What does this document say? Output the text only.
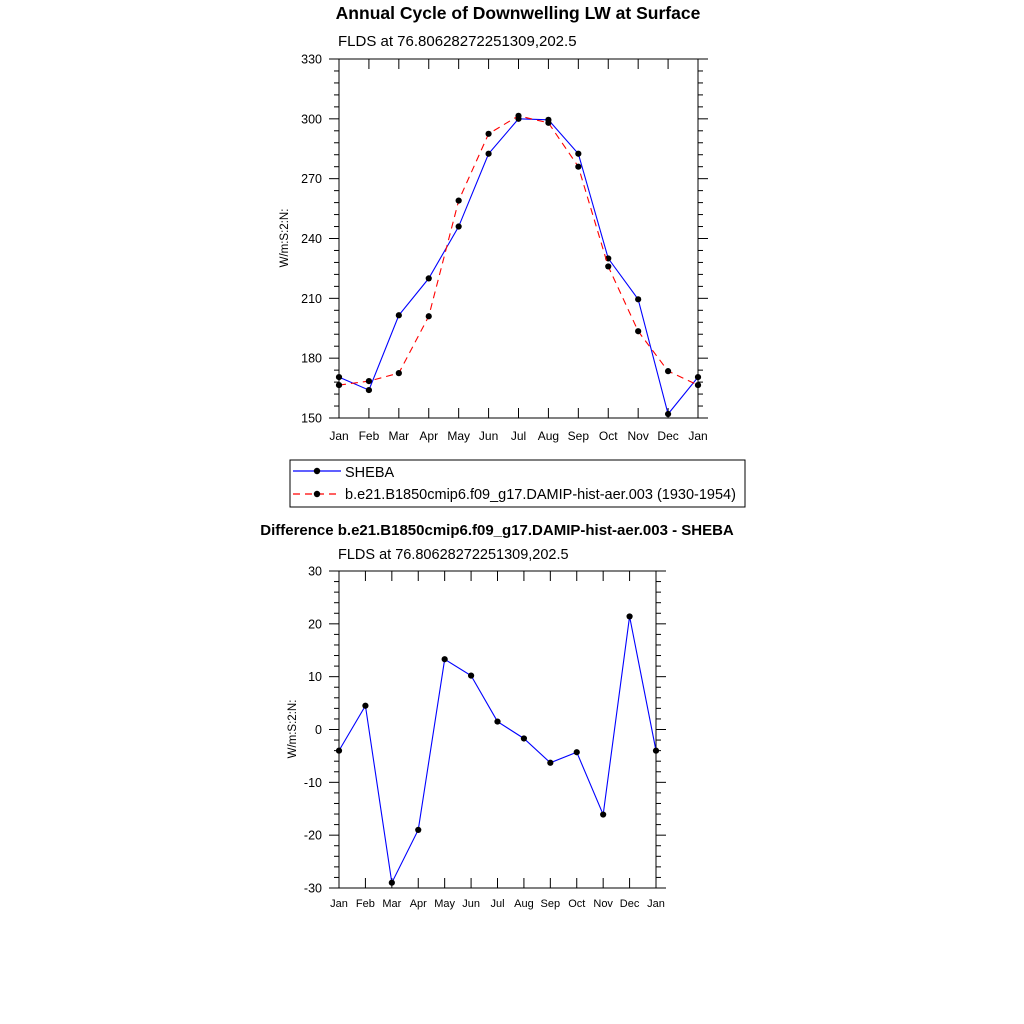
Annual Cycle of Downwelling LW at Surface
FLDS at 76.80628272251309,202.5
W/m:S:2:N:
Jan Feb Mar Apr May Jun Jul Aug Sep Oct Nov Dec Jan
150
180
210
240
270
300
330
SHEBA
b.e21.B1850cmip6.f09_g17.DAMIP-hist-aer.003 (1930-1954)
Difference b.e21.B1850cmip6.f09_g17.DAMIP-hist-aer.003 - SHEBA
FLDS at 76.80628272251309,202.5
W/m:S:2:N:
Jan Feb Mar Apr May Jun Jul Aug Sep Oct Nov Dec Jan
-30
-20
-10
0
10
20
30
